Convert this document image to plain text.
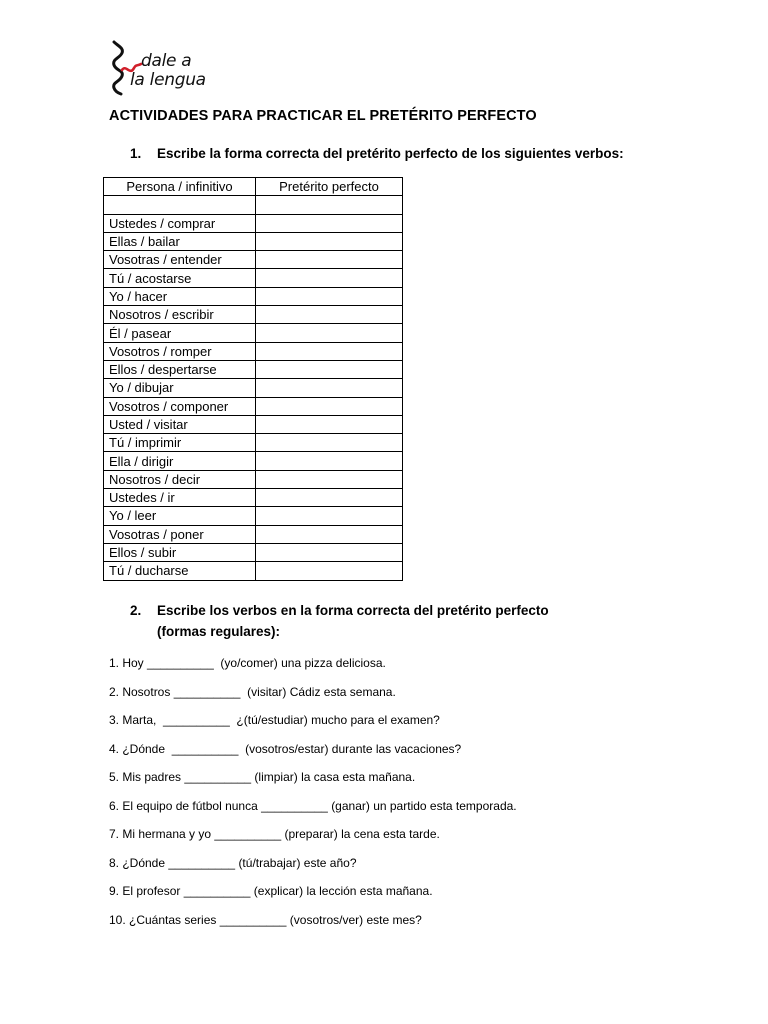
dale a
la lengua
ACTIVIDADES PARA PRACTICAR EL PRETÉRITO PERFECTO
1. Escribe la forma correcta del pretérito perfecto de los siguientes verbos:
Persona / infinitivo	Pretérito perfecto

Ustedes / comprar	
Ellas / bailar	
Vosotras / entender	
Tú / acostarse	
Yo / hacer	
Nosotros / escribir	
Él / pasear	
Vosotros / romper	
Ellos / despertarse	
Yo / dibujar	
Vosotros / componer	
Usted / visitar	
Tú / imprimir	
Ella / dirigir	
Nosotros / decir	
Ustedes / ir	
Yo / leer	
Vosotras / poner	
Ellos / subir	
Tú / ducharse	
2. Escribe los verbos en la forma correcta del pretérito perfecto
(formas regulares):
1. Hoy __________  (yo/comer) una pizza deliciosa.
2. Nosotros __________  (visitar) Cádiz esta semana.
3. Marta,  __________  ¿(tú/estudiar) mucho para el examen?
4. ¿Dónde  __________  (vosotros/estar) durante las vacaciones?
5. Mis padres __________ (limpiar) la casa esta mañana.
6. El equipo de fútbol nunca __________ (ganar) un partido esta temporada.
7. Mi hermana y yo __________ (preparar) la cena esta tarde.
8. ¿Dónde __________ (tú/trabajar) este año?
9. El profesor __________ (explicar) la lección esta mañana.
10. ¿Cuántas series __________ (vosotros/ver) este mes?
